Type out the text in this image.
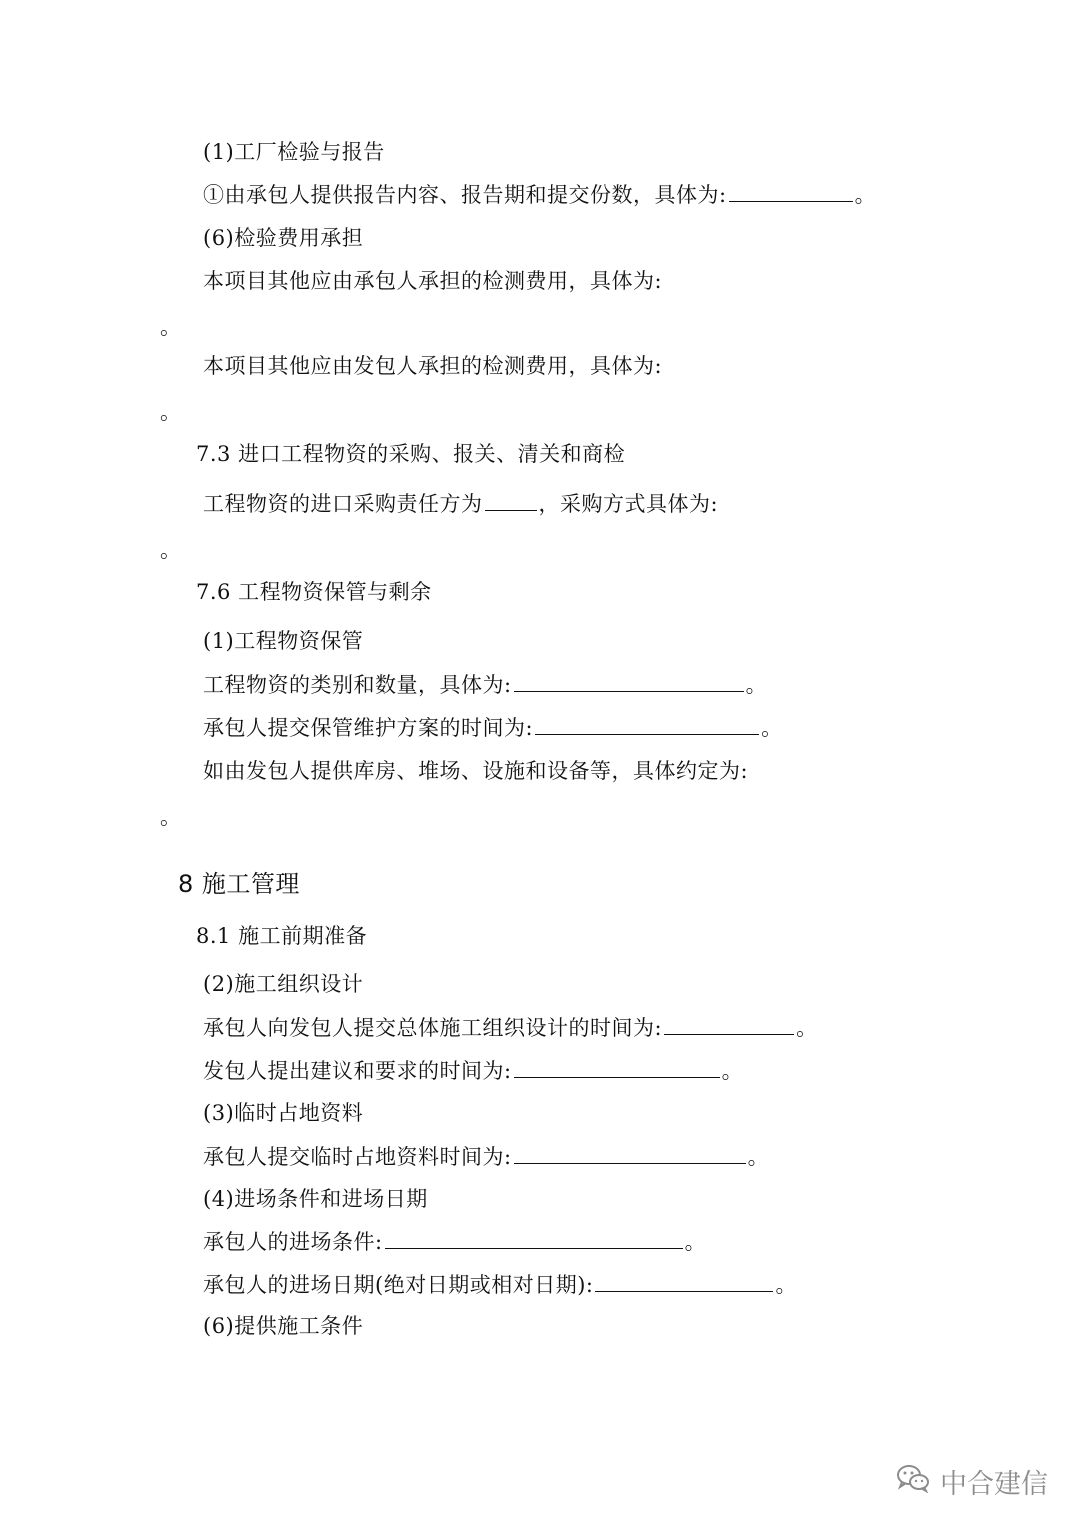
(1)工厂检验与报告
①由承包人提供报告内容、报告期和提交份数，具体为:	。
(6)检验费用承担
本项目其他应由承包人承担的检测费用，具体为:
。
本项目其他应由发包人承担的检测费用，具体为:
。
7.3 进口工程物资的采购、报关、清关和商检
工程物资的进口采购责任方为	，采购方式具体为:
。
7.6 工程物资保管与剩余
(1)工程物资保管
工程物资的类别和数量，具体为:	。
承包人提交保管维护方案的时间为:	。
如由发包人提供库房、堆场、设施和设备等，具体约定为:
。
8 施工管理
8.1 施工前期准备
(2)施工组织设计
承包人向发包人提交总体施工组织设计的时间为:	。
发包人提出建议和要求的时间为:	。
(3)临时占地资料
承包人提交临时占地资料时间为:	。
(4)进场条件和进场日期
承包人的进场条件:	。
承包人的进场日期(绝对日期或相对日期):	。
(6)提供施工条件
中合建信
